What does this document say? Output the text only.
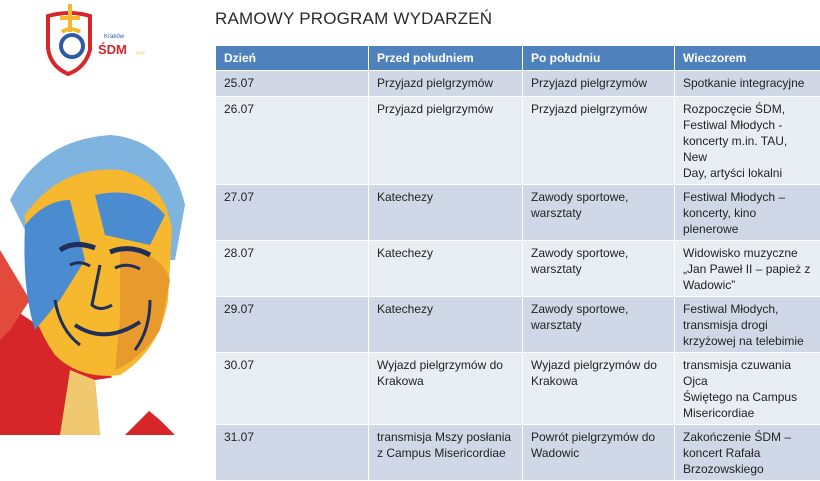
Kraków
ŚDM 2016
RAMOWY PROGRAM WYDARZEŃ
Dzień	Przed południem	Po południu	Wieczorem
25.07	Przyjazd pielgrzymów	Przyjazd pielgrzymów	Spotkanie integracyjne
26.07	Przyjazd pielgrzymów	Przyjazd pielgrzymów	Rozpoczęcie ŚDM,
Festiwal Młodych -
koncerty m.in. TAU, New
Day, artyści lokalni
27.07	Katechezy	Zawody sportowe,
warsztaty	Festiwal Młodych –
koncerty, kino plenerowe
28.07	Katechezy	Zawody sportowe,
warsztaty	Widowisko muzyczne
„Jan Paweł II – papież z
Wadowic”
29.07	Katechezy	Zawody sportowe,
warsztaty	Festiwal Młodych,
transmisja drogi
krzyżowej na telebimie
30.07	Wyjazd pielgrzymów do
Krakowa	Wyjazd pielgrzymów do
Krakowa	transmisja czuwania Ojca
Świętego na Campus
Misericordiae
31.07	transmisja Mszy posłania
z Campus Misericordiae	Powrót pielgrzymów do
Wadowic	Zakończenie ŚDM –
koncert Rafała
Brzozowskiego
